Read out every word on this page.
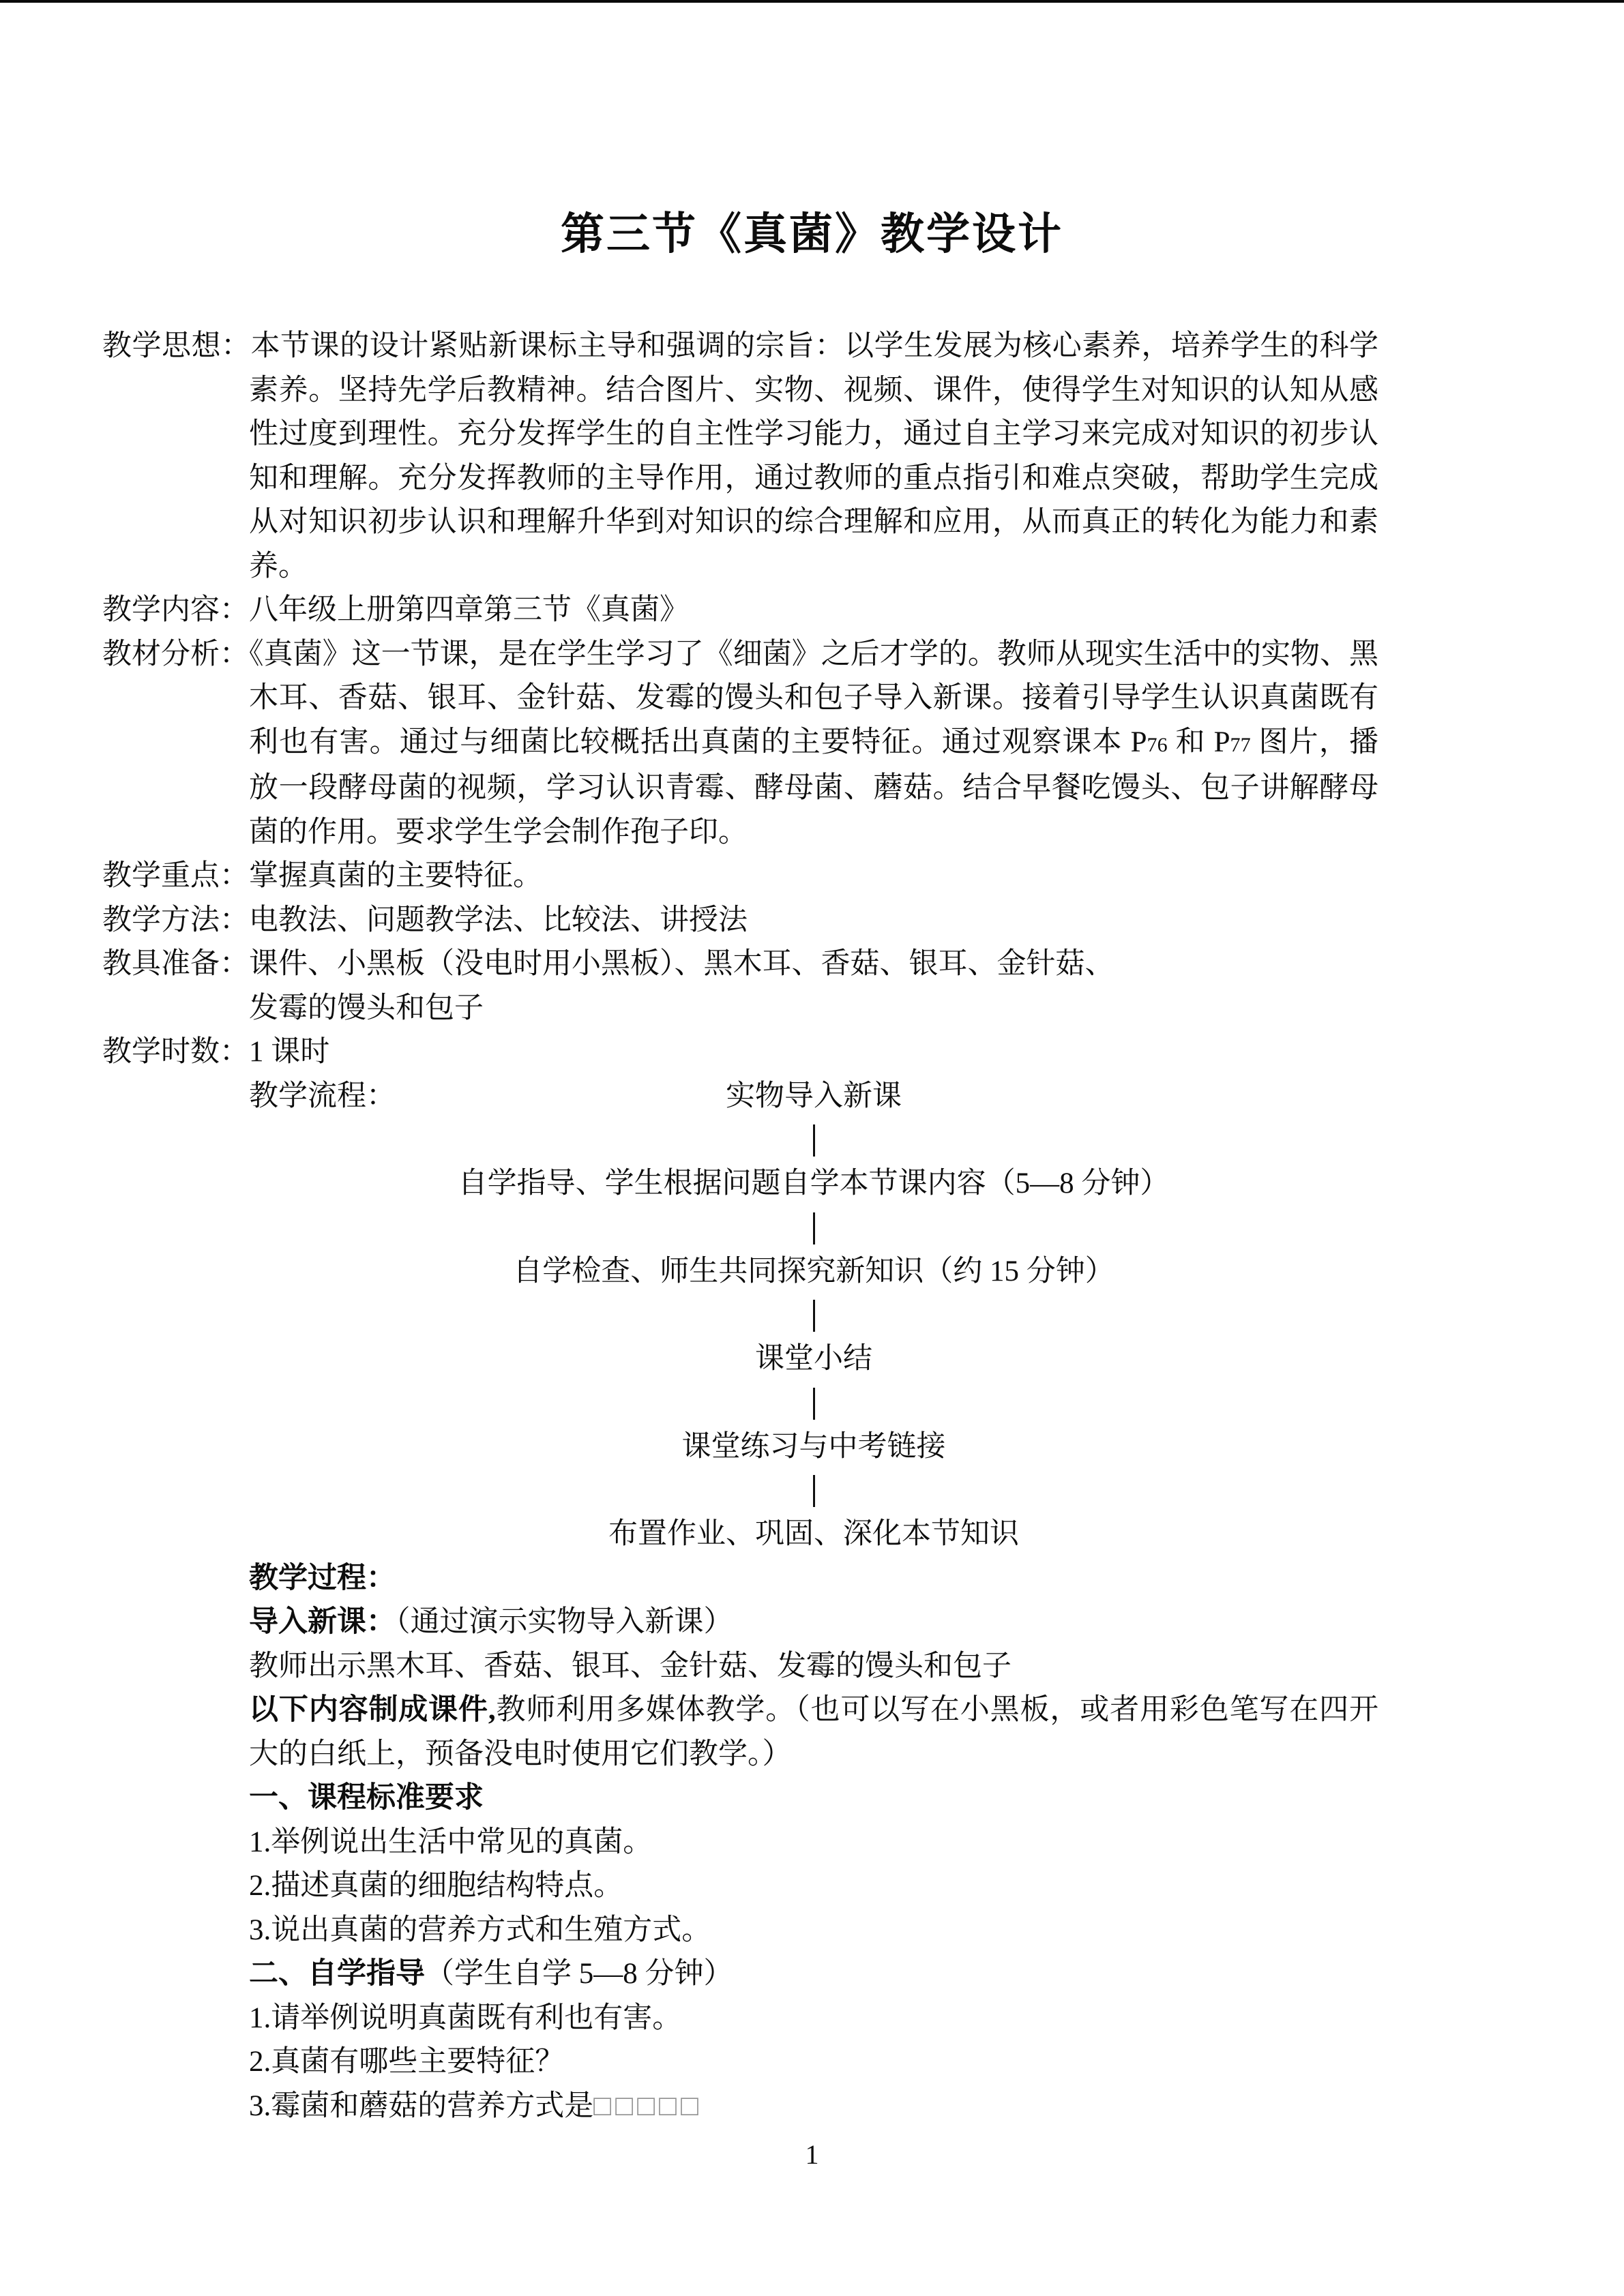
第三节《真菌》教学设计

教学思想：本节课的设计紧贴新课标主导和强调的宗旨：以学生发展为核心素养，培养学生的科学素养。坚持先学后教精神。结合图片、实物、视频、课件，使得学生对知识的认知从感性过度到理性。充分发挥学生的自主性学习能力，通过自主学习来完成对知识的初步认知和理解。充分发挥教师的主导作用，通过教师的重点指引和难点突破，帮助学生完成从对知识初步认识和理解升华到对知识的综合理解和应用，从而真正的转化为能力和素养。

教学内容：八年级上册第四章第三节《真菌》

教材分析：《真菌》这一节课，是在学生学习了《细菌》之后才学的。教师从现实生活中的实物、黑木耳、香菇、银耳、金针菇、发霉的馒头和包子导入新课。接着引导学生认识真菌既有利也有害。通过与细菌比较概括出真菌的主要特征。通过观察课本 P76 和 P77 图片，播放一段酵母菌的视频，学习认识青霉、酵母菌、蘑菇。结合早餐吃馒头、包子讲解酵母菌的作用。要求学生学会制作孢子印。

教学重点：掌握真菌的主要特征。

教学方法：电教法、问题教学法、比较法、讲授法

教具准备：课件、小黑板（没电时用小黑板）、黑木耳、香菇、银耳、金针菇、
发霉的馒头和包子

教学时数：1 课时

教学流程：	实物导入新课
自学指导、学生根据问题自学本节课内容（5—8 分钟）
自学检查、师生共同探究新知识（约 15 分钟）
课堂小结
课堂练习与中考链接
布置作业、巩固、深化本节知识

教学过程：

导入新课：（通过演示实物导入新课）

教师出示黑木耳、香菇、银耳、金针菇、发霉的馒头和包子

以下内容制成课件,教师利用多媒体教学。（也可以写在小黑板，或者用彩色笔写在四开大的白纸上，预备没电时使用它们教学。）

一、课程标准要求

1.举例说出生活中常见的真菌。

2.描述真菌的细胞结构特点。

3.说出真菌的营养方式和生殖方式。

二、自学指导（学生自学 5—8 分钟）

1.请举例说明真菌既有利也有害。

2.真菌有哪些主要特征？

3.霉菌和蘑菇的营养方式是□□□□□

1
